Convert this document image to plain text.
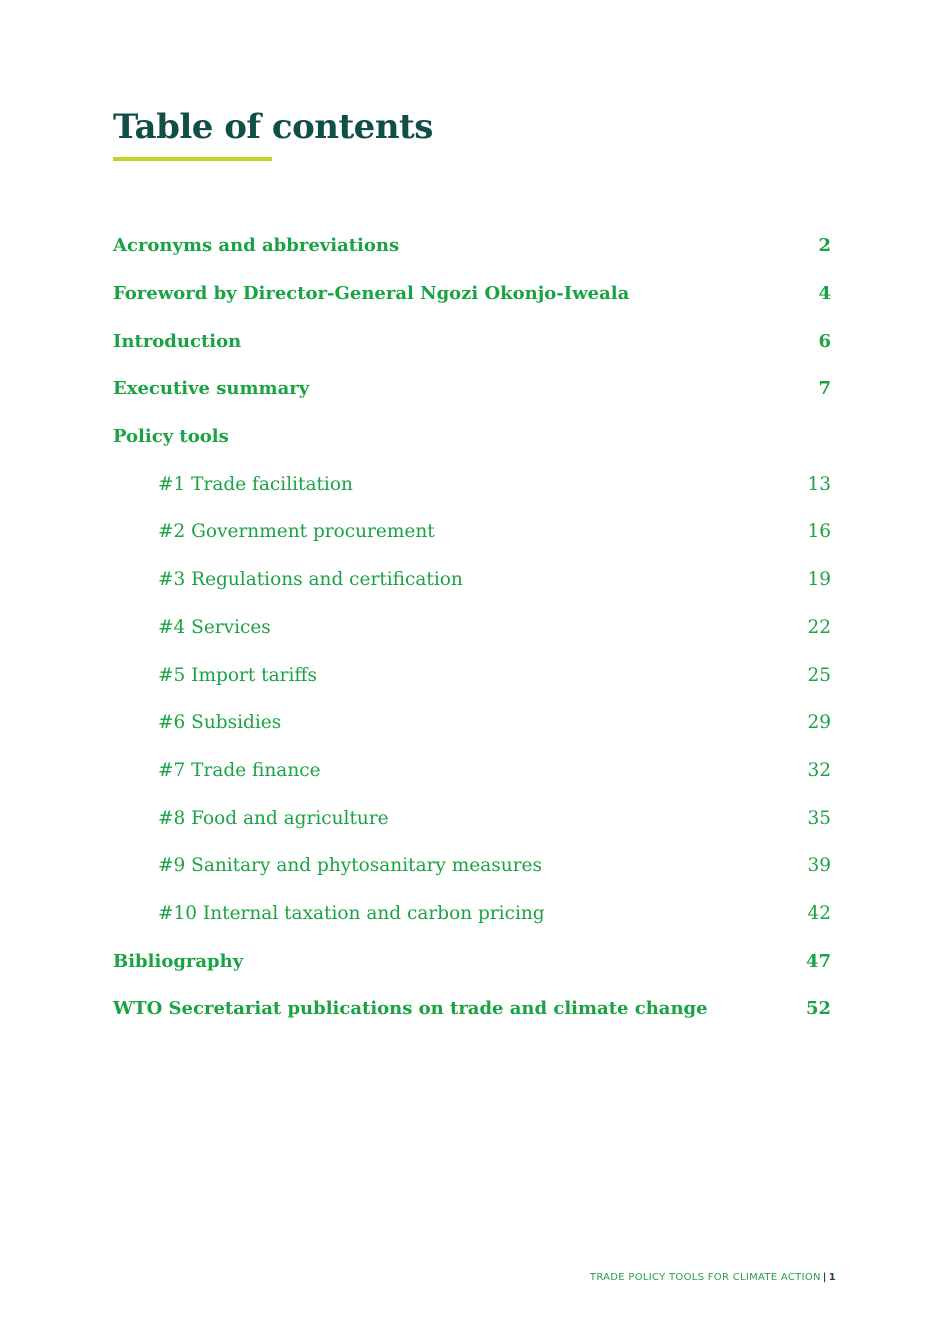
Table of contents
Acronyms and abbreviations	2
Foreword by Director-General Ngozi Okonjo-Iweala	4
Introduction	6
Executive summary	7
Policy tools
#1 Trade facilitation	13
#2 Government procurement	16
#3 Regulations and certification	19
#4 Services	22
#5 Import tariffs	25
#6 Subsidies	29
#7 Trade finance	32
#8 Food and agriculture	35
#9 Sanitary and phytosanitary measures	39
#10 Internal taxation and carbon pricing	42
Bibliography	47
WTO Secretariat publications on trade and climate change	52
TRADE POLICY TOOLS FOR CLIMATE ACTION | 1
